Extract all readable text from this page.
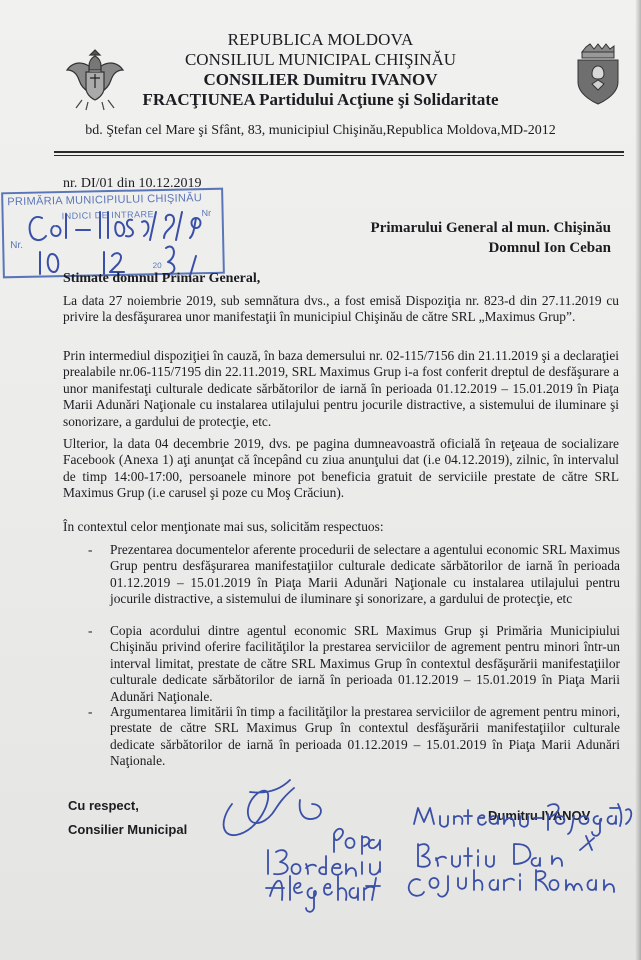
REPUBLICA MOLDOVA
CONSILIUL MUNICIPAL CHIŞINĂU
CONSILIER Dumitru IVANOV
FRACŢIUNEA Partidului Acţiune şi Solidaritate
bd. Ştefan cel Mare şi Sfânt, 83, municipiul Chişinău,Republica Moldova,MD-2012
nr. DI/01 din 10.12.2019
PRIMĂRIA MUNICIPIULUI CHIŞINĂU
INDICI DE INTRARE	Nr
Nr.
20
Primarului General al mun. Chişinău
Domnul Ion Ceban
Stimate domnul Primar General,
La data 27 noiembrie 2019, sub semnătura dvs., a fost emisă Dispoziţia nr. 823-d din 27.11.2019 cu privire la desfăşurarea unor manifestaţii în municipiul Chişinău de către SRL „Maximus Grup”.
Prin intermediul dispoziţiei în cauză, în baza demersului nr. 02-115/7156 din 21.11.2019 şi a declaraţiei prealabile nr.06-115/7195 din 22.11.2019, SRL Maximus Grup i-a fost conferit dreptul de desfăşurare a unor manifestaţi culturale dedicate sărbătorilor de iarnă în perioada 01.12.2019 – 15.01.2019 în Piaţa Marii Adunări Naţionale cu instalarea utilajului pentru jocurile distractive, a sistemului de iluminare şi sonorizare, a gardului de protecţie, etc.
Ulterior, la data 04 decembrie 2019, dvs. pe pagina dumneavoastră oficială în reţeaua de socializare Facebook (Anexa 1) aţi anunţat că începând cu ziua anunţului dat (i.e 04.12.2019), zilnic, în intervalul de timp 14:00-17:00, persoanele minore pot beneficia gratuit de serviciile prestate de către SRL Maximus Grup (i.e carusel şi poze cu Moş Crăciun).
În contextul celor menţionate mai sus, solicităm respectuos:
- Prezentarea documentelor aferente procedurii de selectare a agentului economic SRL Maximus Grup pentru desfăşurarea manifestaţiilor culturale dedicate sărbătorilor de iarnă în perioada 01.12.2019 – 15.01.2019 în Piaţa Marii Adunări Naţionale cu instalarea utilajului pentru jocurile distractive, a sistemului de iluminare şi sonorizare, a gardului de protecţie, etc
- Copia acordului dintre agentul economic SRL Maximus Grup şi Primăria Municipiului Chişinău privind oferire facilităţilor la prestarea serviciilor de agrement pentru minori într-un interval limitat, prestate de către SRL Maximus Grup în contextul desfăşurării manifestaţiilor culturale dedicate sărbătorilor de iarnă în perioada 01.12.2019 – 15.01.2019 în Piaţa Marii Adunări Naţionale.
- Argumentarea limitării în timp a facilităţilor la prestarea serviciilor de agrement pentru minori, prestate de către SRL Maximus Grup în contextul desfăşurării manifestaţiilor culturale dedicate sărbătorilor de iarnă în perioada 01.12.2019 – 15.01.2019 în Piaţa Marii Adunări Naţionale.
Cu respect,
Consilier Municipal
Dumitru IVANOV
